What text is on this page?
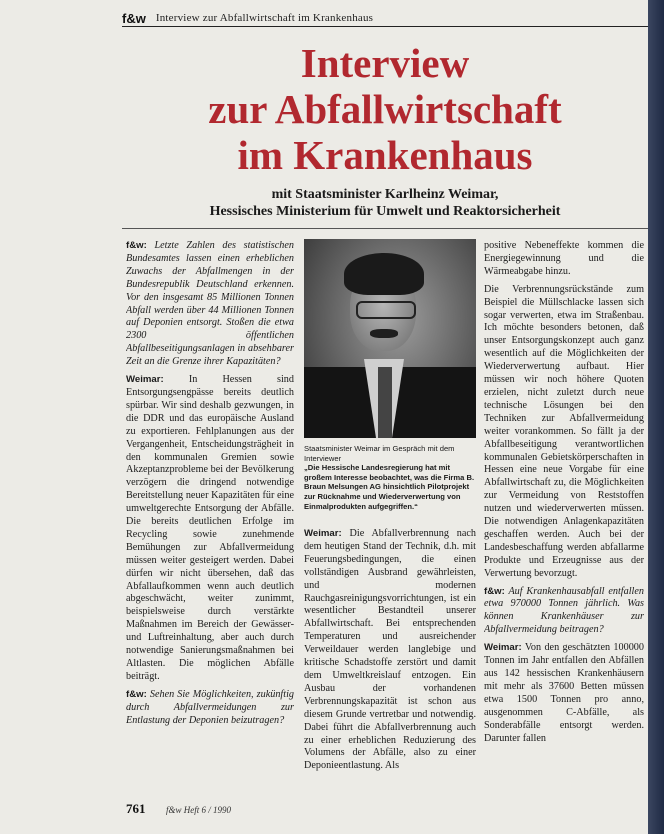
f&w Interview zur Abfallwirtschaft im Krankenhaus
Interview
zur Abfallwirtschaft
im Krankenhaus
mit Staatsminister Karlheinz Weimar,
Hessisches Ministerium für Umwelt und Reaktorsicherheit

f&w: Letzte Zahlen des statistischen Bundesamtes lassen einen erheblichen Zuwachs der Abfallmengen in der Bundesrepublik Deutschland erkennen. Vor den insgesamt 85 Millionen Tonnen Abfall werden über 44 Millionen Tonnen auf Deponien entsorgt. Stoßen die etwa 2300 öffentlichen Abfallbeseitigungsanlagen in absehbarer Zeit an die Grenze ihrer Kapazitäten?

Weimar: In Hessen sind Entsorgungsengpässe bereits deutlich spürbar. Wir sind deshalb gezwungen, in die DDR und das europäische Ausland zu exportieren. Fehlplanungen aus der Vergangenheit, Entscheidungsträgheit in den kommunalen Gremien sowie Akzeptanzprobleme bei der Bevölkerung verzögern die dringend notwendige Bereitstellung neuer Kapazitäten für eine umweltgerechte Entsorgung der Abfälle. Die bereits deutlichen Erfolge im Recycling sowie zunehmende Bemühungen zur Abfallvermeidung müssen weiter gesteigert werden. Dabei dürfen wir nicht übersehen, daß das Abfallaufkommen wenn auch deutlich abgeschwächt, weiter zunimmt, beispielsweise durch verstärkte Maßnahmen im Bereich der Gewässer- und Luftreinhaltung, aber auch durch notwendige Sanierungsmaßnahmen bei Altlasten. Die möglichen Abfälle beiträgt.

f&w: Sehen Sie Möglichkeiten, zukünftig durch Abfallvermeidungen zur Entlastung der Deponien beizutragen?

Staatsminister Weimar im Gespräch mit dem Interviewer
„Die Hessische Landesregierung hat mit großem Interesse beobachtet, was die Firma B. Braun Melsungen AG hinsichtlich Pilotprojekt zur Rücknahme und Wiederverwertung von Einmalprodukten aufgegriffen.“

Weimar: Die Abfallverbrennung nach dem heutigen Stand der Technik, d.h. mit Feuerungsbedingungen, die einen vollständigen Ausbrand gewährleisten, und modernen Rauchgasreinigungsvorrichtungen, ist ein wesentlicher Bestandteil unserer Abfallwirtschaft. Bei entsprechenden Temperaturen und ausreichender Verweildauer werden langlebige und kritische Schadstoffe zerstört und damit dem Umweltkreislauf entzogen. Ein Ausbau der vorhandenen Verbrennungskapazität ist schon aus diesem Grunde vertretbar und notwendig. Dabei führt die Abfallverbrennung auch zu einer erheblichen Reduzierung des Volumens der Abfälle, also zu einer Deponieentlastung. Als

positive Nebeneffekte kommen die Energiegewinnung und die Wärmeabgabe hinzu.

Die Verbrennungsrückstände zum Beispiel die Müllschlacke lassen sich sogar verwerten, etwa im Straßenbau. Ich möchte besonders betonen, daß unser Entsorgungskonzept auch ganz wesentlich auf die Möglichkeiten der Wiederverwertung aufbaut. Hier müssen wir noch höhere Quoten erzielen, nicht zuletzt durch neue technische Lösungen bei den Techniken zur Abfallvermeidung weiter vorankommen. So fällt ja der Abfallbeseitigung verantwortlichen kommunalen Gebietskörperschaften in Hessen eine neue Vorgabe für eine Abfallwirtschaft zu, die Möglichkeiten zur Vermeidung von Reststoffen nutzen und wiederverwerten müssen. Die notwendigen Anlagenkapazitäten geschaffen werden. Auch bei der Landesbeschaffung werden abfallarme Produkte und Erzeugnisse aus der Verwertung bevorzugt.

f&w: Auf Krankenhausabfall entfallen etwa 970000 Tonnen jährlich. Was können Krankenhäuser zur Abfallvermeidung beitragen?

Weimar: Von den geschätzten 100000 Tonnen im Jahr entfallen den Abfällen aus 142 hessischen Krankenhäusern mit mehr als 37600 Betten müssen etwa 1500 Tonnen pro anno, ausgenommen C-Abfälle, als Sonderabfälle entsorgt werden. Darunter fallen

761 f&w Heft 6 / 1990
